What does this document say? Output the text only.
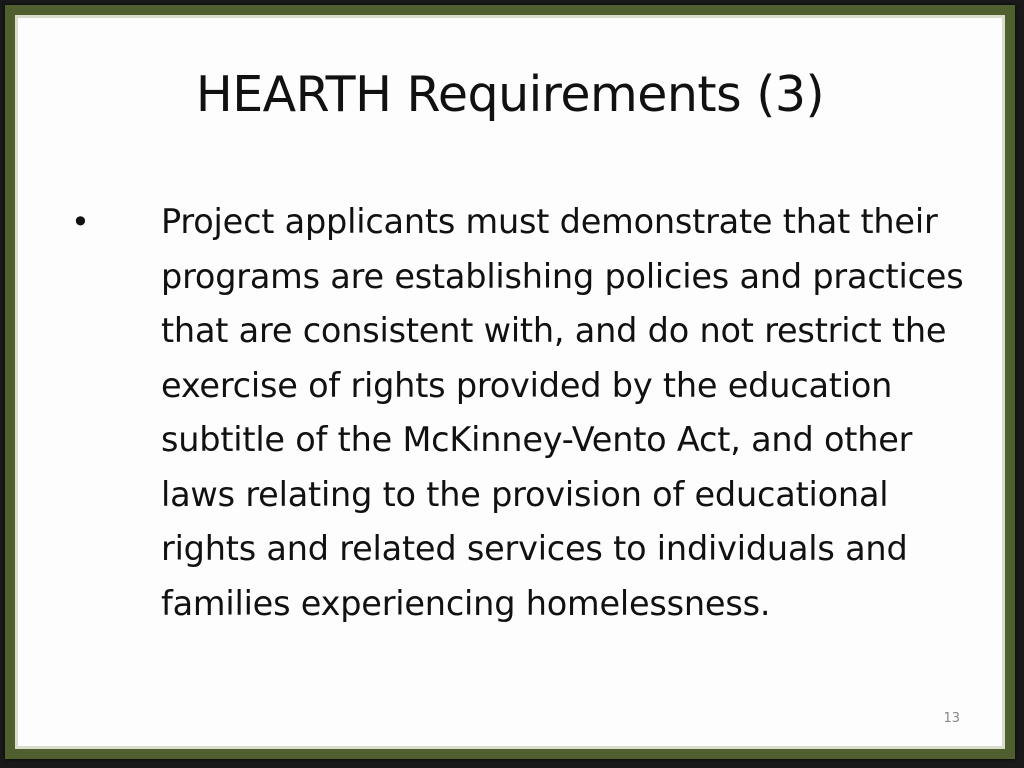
HEARTH Requirements (3)
• Project applicants must demonstrate that their programs are establishing policies and practices that are consistent with, and do not restrict the exercise of rights provided by the education subtitle of the McKinney-Vento Act, and other laws relating to the provision of educational rights and related services to individuals and families experiencing homelessness.
13
